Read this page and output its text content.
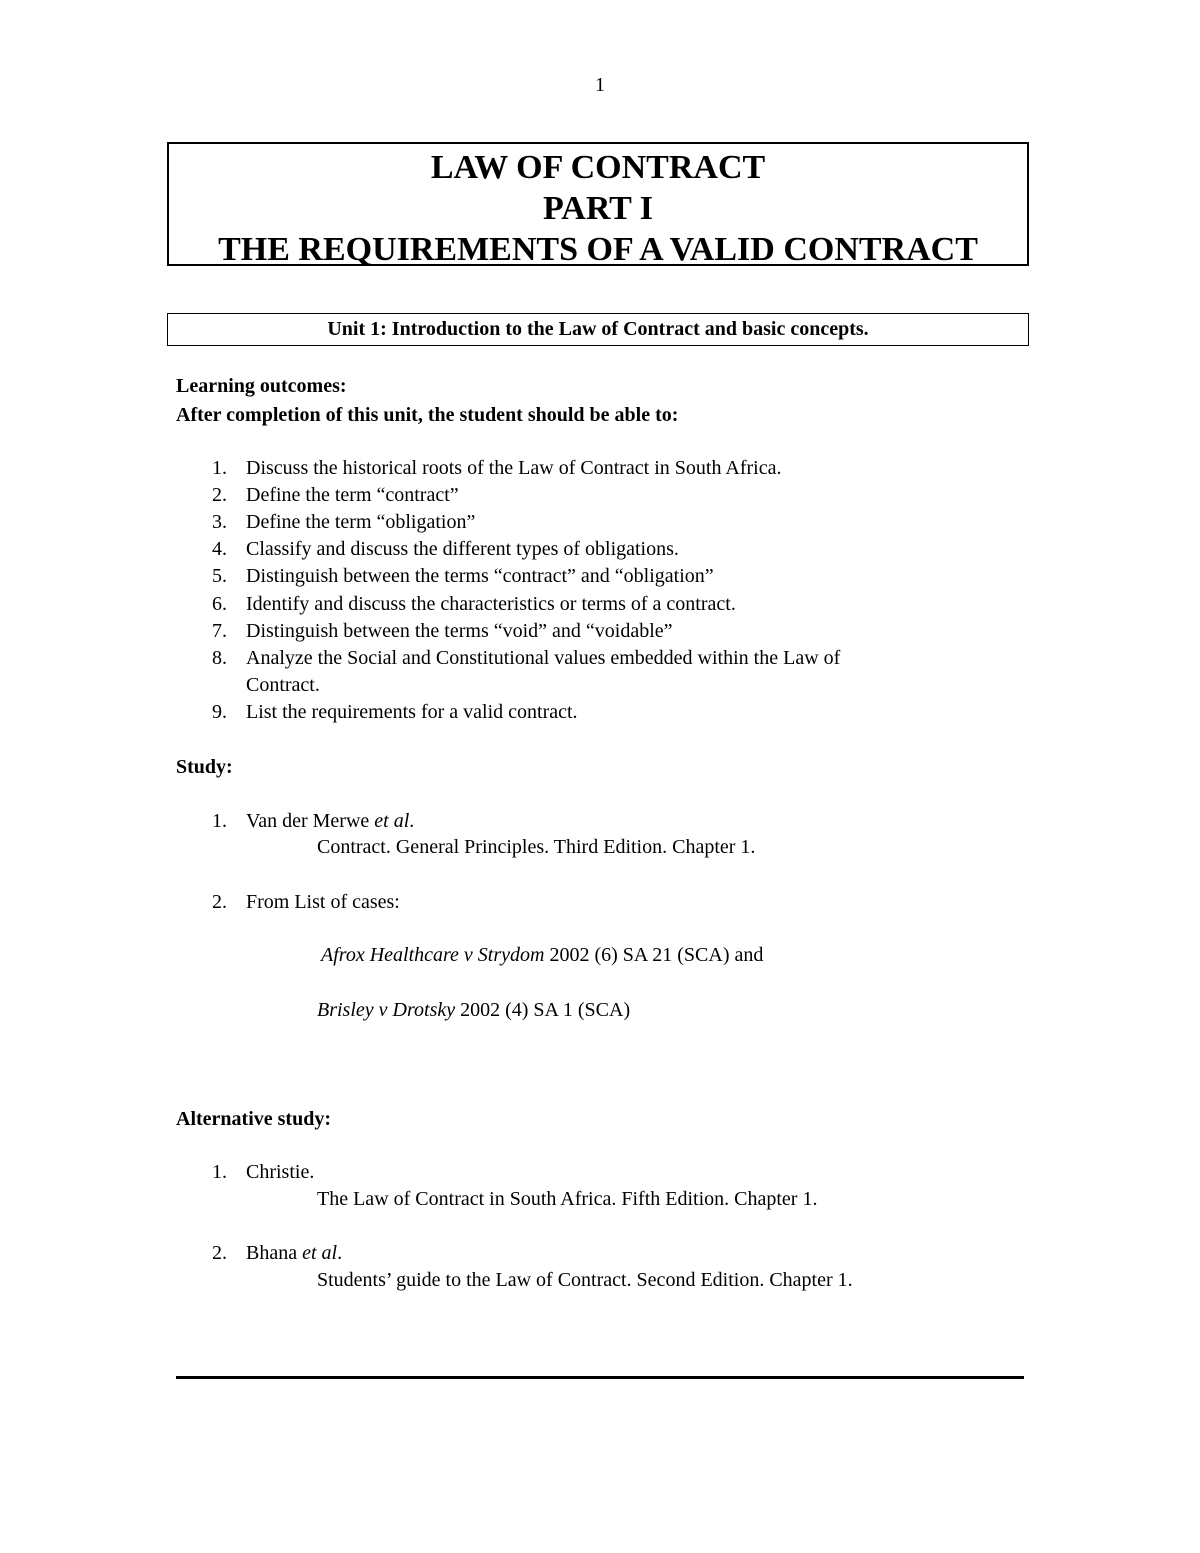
1
LAW OF CONTRACT
PART I
THE REQUIREMENTS OF A VALID CONTRACT
Unit 1: Introduction to the Law of Contract and basic concepts.
Learning outcomes:
After completion of this unit, the student should be able to:
1. Discuss the historical roots of the Law of Contract in South Africa.
2. Define the term “contract”
3. Define the term “obligation”
4. Classify and discuss the different types of obligations.
5. Distinguish between the terms “contract” and “obligation”
6. Identify and discuss the characteristics or terms of a contract.
7. Distinguish between the terms “void” and “voidable”
8. Analyze the Social and Constitutional values embedded within the Law of
Contract.
9. List the requirements for a valid contract.
Study:
1. Van der Merwe et al.
Contract. General Principles. Third Edition. Chapter 1.
2. From List of cases:
Afrox Healthcare v Strydom 2002 (6) SA 21 (SCA) and
Brisley v Drotsky 2002 (4) SA 1 (SCA)
Alternative study:
1. Christie.
The Law of Contract in South Africa. Fifth Edition. Chapter 1.
2. Bhana et al.
Students’ guide to the Law of Contract. Second Edition. Chapter 1.
